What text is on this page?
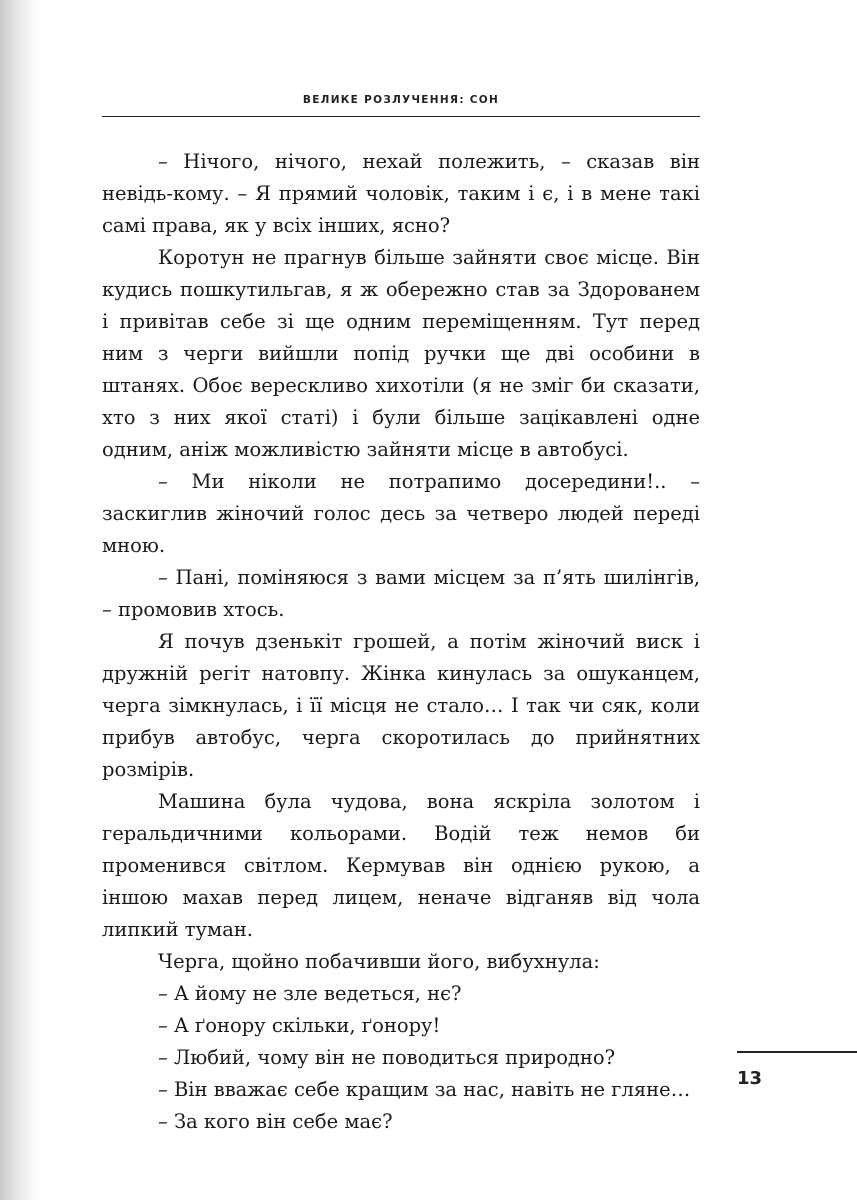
ВЕЛИКЕ РОЗЛУЧЕННЯ: СОН

– Нічого, нічого, нехай полежить, – сказав він невідь-кому. – Я прямий чоловік, таким і є, і в мене такі самі права, як у всіх інших, ясно?

Коротун не прагнув більше зайняти своє місце. Він кудись пошкутильгав, я ж обережно став за Здорованем і привітав себе зі ще одним переміщенням. Тут перед ним з черги вийшли попід ручки ще дві особини в штанях. Обоє верескливо хихотіли (я не зміг би сказати, хто з них якої статі) і були більше зацікавлені одне одним, аніж можливістю зайняти місце в автобусі.

– Ми ніколи не потрапимо досередини!.. – заскиглив жіночий голос десь за четверо людей переді мною.

– Пані, поміняюся з вами місцем за п’ять шилінгів, – промовив хтось.

Я почув дзенькіт грошей, а потім жіночий виск і дружній регіт натовпу. Жінка кинулась за ошуканцем, черга зімкнулась, і її місця не стало… І так чи сяк, коли прибув автобус, черга скоротилась до прийнятних розмірів.

Машина була чудова, вона яскріла золотом і геральдичними кольорами. Водій теж немов би променився світлом. Кермував він однією рукою, а іншою махав перед лицем, неначе відганяв від чола липкий туман.

Черга, щойно побачивши його, вибухнула:

– А йому не зле ведеться, нє?

– А ґонору скільки, ґонору!

– Любий, чому він не поводиться природно?

– Він вважає себе кращим за нас, навіть не гляне…

– За кого він себе має?

13
